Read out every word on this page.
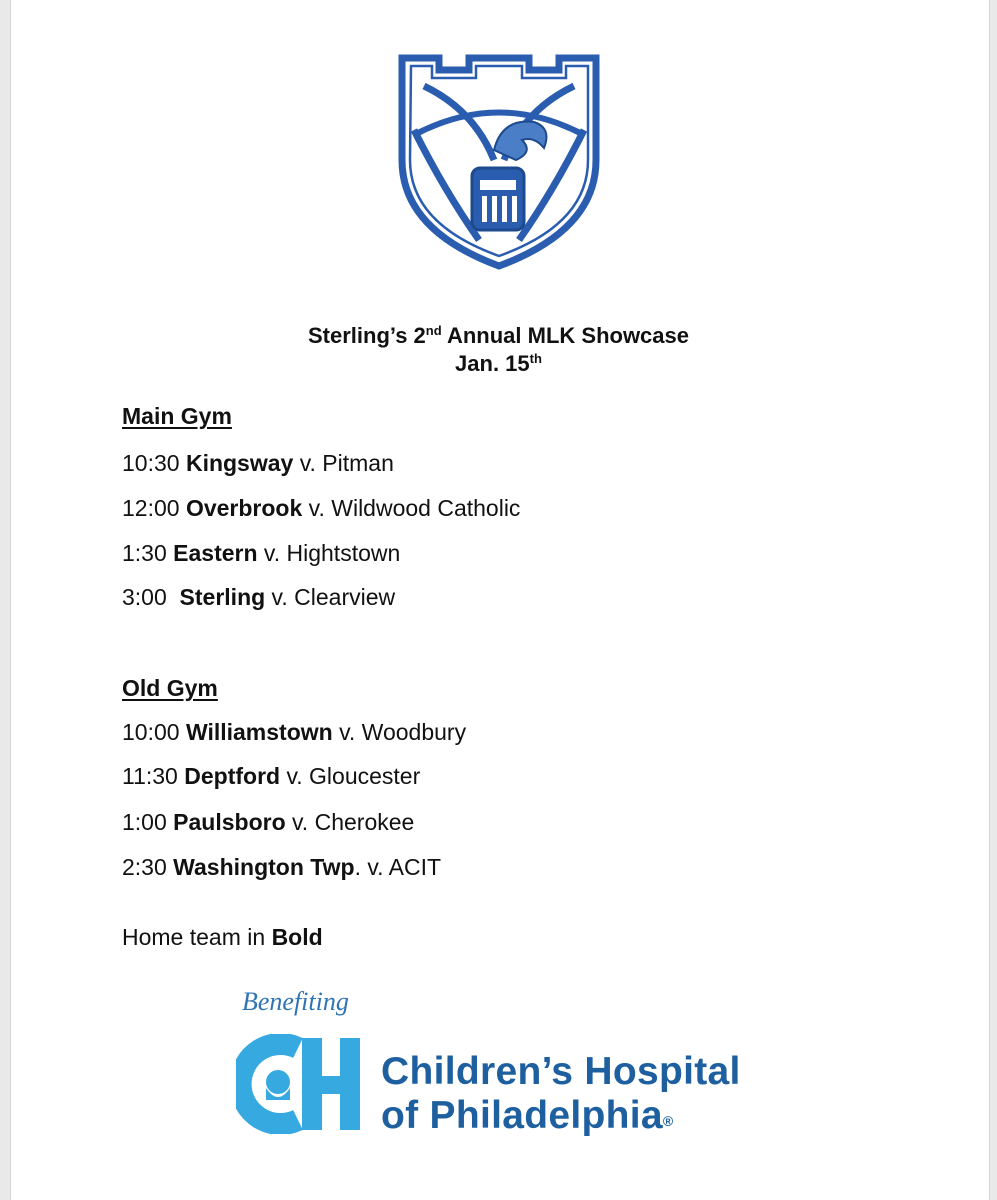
Sterling’s 2nd Annual MLK Showcase
Jan. 15th
Main Gym
10:30 Kingsway v. Pitman
12:00 Overbrook v. Wildwood Catholic
1:30 Eastern v. Hightstown
3:00  Sterling v. Clearview
Old Gym
10:00 Williamstown v. Woodbury
11:30 Deptford v. Gloucester
1:00 Paulsboro v. Cherokee
2:30 Washington Twp. v. ACIT
Home team in Bold
Benefiting
Children’s Hospital
of Philadelphia®
